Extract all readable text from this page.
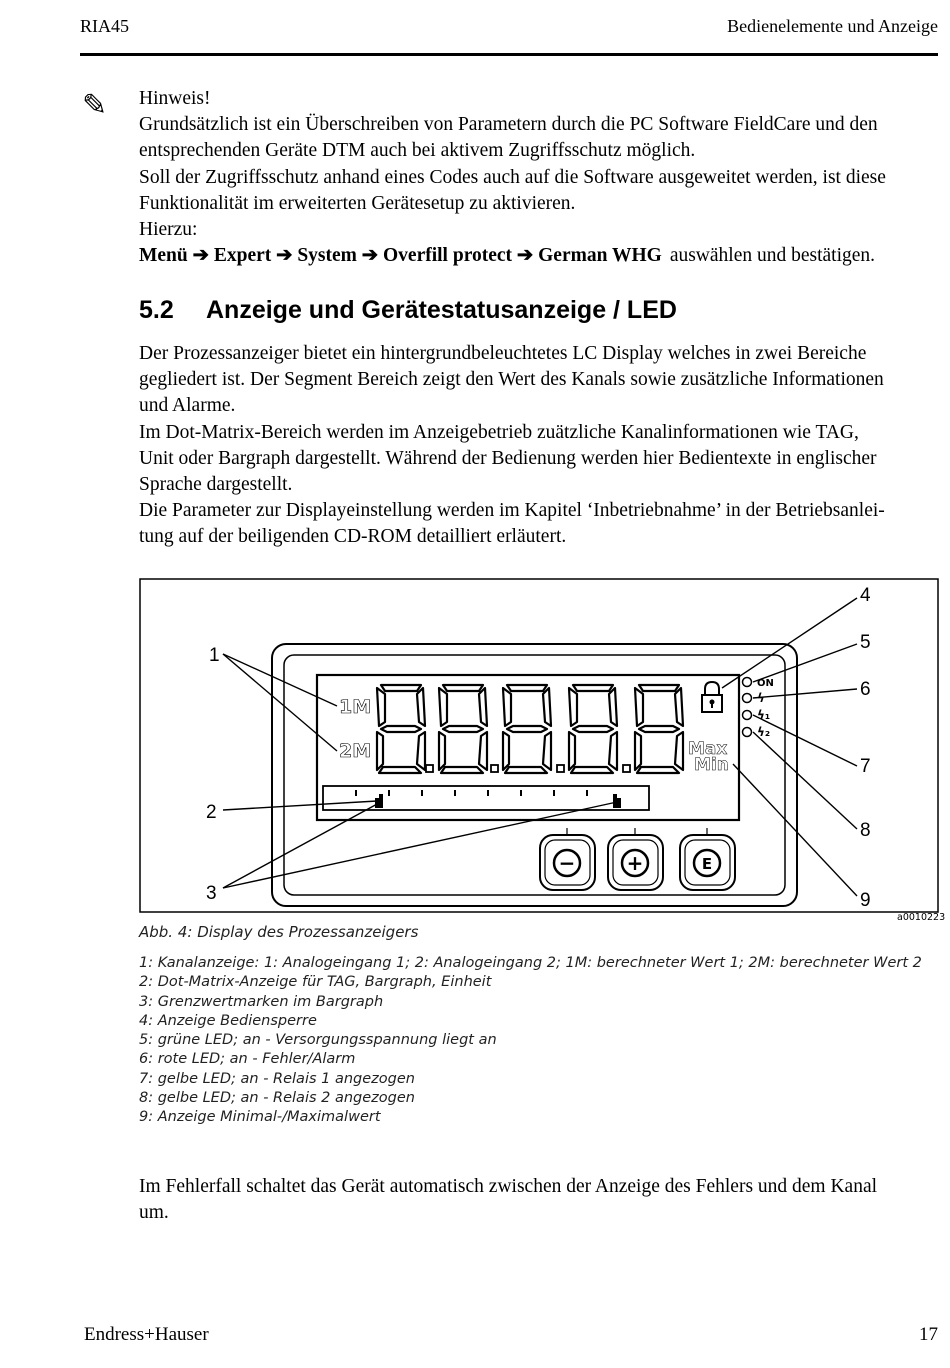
RIA45	Bedienelemente und Anzeige
✎ Hinweis!

Grundsätzlich ist ein Überschreiben von Parametern durch die PC Software FieldCare und den

entsprechenden Geräte DTM auch bei aktivem Zugriffsschutz möglich.

Soll der Zugriffsschutz anhand eines Codes auch auf die Software ausgeweitet werden, ist diese

Funktionalität im erweiterten Gerätesetup zu aktivieren.

Hierzu:

Menü ➔ Expert ➔ System ➔ Overfill protect ➔ German WHG auswählen und bestätigen.

5.2 Anzeige und Gerätestatusanzeige / LED

Der Prozessanzeiger bietet ein hintergrundbeleuchtetes LC Display welches in zwei Bereiche

gegliedert ist. Der Segment Bereich zeigt den Wert des Kanals sowie zusätzliche Informationen

und Alarme.

Im Dot-Matrix-Bereich werden im Anzeigebetrieb zuätzliche Kanalinformationen wie TAG,

Unit oder Bargraph dargestellt. Während der Bedienung werden hier Bedientexte in englischer

Sprache dargestellt.

Die Parameter zur Displayeinstellung werden im Kapitel ‘Inbetriebnahme’ in der Betriebsanlei-

tung auf der beiligenden CD-ROM detailliert erläutert.

1M
2M	Max
Min
ON
ϟ
ϟ₁
ϟ₂
−	+	E
1
2
3
4
5
6
7
8
9
a0010223
Abb. 4: Display des Prozessanzeigers
1: Kanalanzeige: 1: Analogeingang 1; 2: Analogeingang 2; 1M: berechneter Wert 1; 2M: berechneter Wert 2
2: Dot-Matrix-Anzeige für TAG, Bargraph, Einheit
3: Grenzwertmarken im Bargraph
4: Anzeige Bediensperre
5: grüne LED; an - Versorgungsspannung liegt an
6: rote LED; an - Fehler/Alarm
7: gelbe LED; an - Relais 1 angezogen
8: gelbe LED; an - Relais 2 angezogen
9: Anzeige Minimal-/Maximalwert

Im Fehlerfall schaltet das Gerät automatisch zwischen der Anzeige des Fehlers und dem Kanal

um.

Endress+Hauser	17
